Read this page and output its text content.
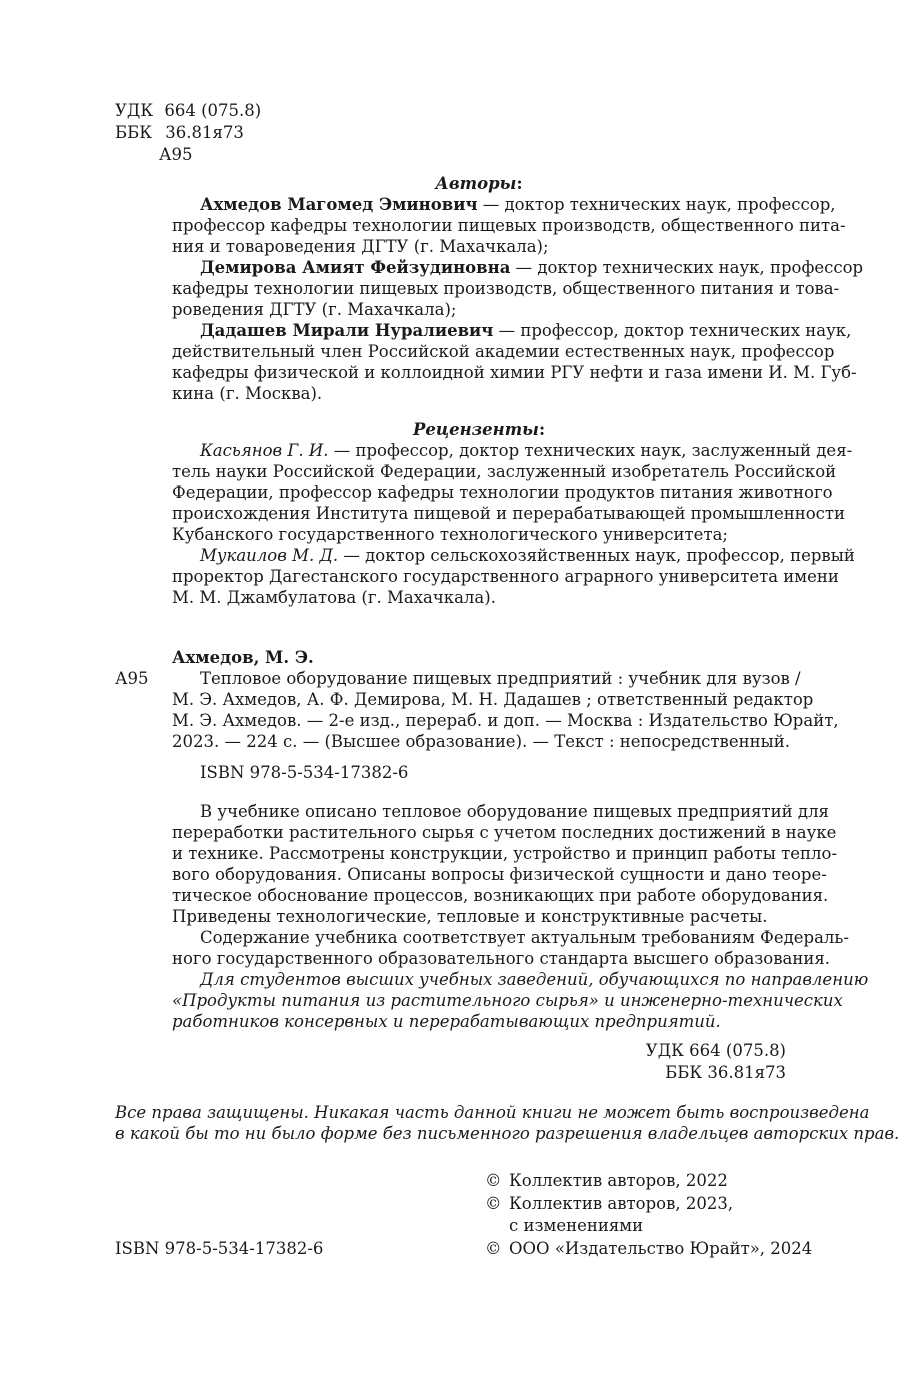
УДК 664 (075.8)
ББК 36.81я73
А95
Авторы:
Ахмедов Магомед Эминович — доктор технических наук, профессор,
профессор кафедры технологии пищевых производств, общественного пита-
ния и товароведения ДГТУ (г. Махачкала);
Демирова Амият Фейзудиновна — доктор технических наук, профессор
кафедры технологии пищевых производств, общественного питания и това-
роведения ДГТУ (г. Махачкала);
Дадашев Мирали Нуралиевич — профессор, доктор технических наук,
действительный член Российской академии естественных наук, профессор
кафедры физической и коллоидной химии РГУ нефти и газа имени И. М. Губ-
кина (г. Москва).
Рецензенты:
Касьянов Г. И. — профессор, доктор технических наук, заслуженный дея-
тель науки Российской Федерации, заслуженный изобретатель Российской
Федерации, профессор кафедры технологии продуктов питания животного
происхождения Института пищевой и перерабатывающей промышленности
Кубанского государственного технологического университета;
Мукаилов М. Д. — доктор сельскохозяйственных наук, профессор, первый
проректор Дагестанского государственного аграрного университета имени
М. М. Джамбулатова (г. Махачкала).
Ахмедов, М. Э.
А95	Тепловое оборудование пищевых предприятий : учебник для вузов /
М. Э. Ахмедов, А. Ф. Демирова, М. Н. Дадашев ; ответственный редактор
М. Э. Ахмедов. — 2-е изд., перераб. и доп. — Москва : Издательство Юрайт,
2023. — 224 с. — (Высшее образование). — Текст : непосредственный.
ISBN 978-5-534-17382-6
В учебнике описано тепловое оборудование пищевых предприятий для
переработки растительного сырья с учетом последних достижений в науке
и технике. Рассмотрены конструкции, устройство и принцип работы тепло-
вого оборудования. Описаны вопросы физической сущности и дано теоре-
тическое обоснование процессов, возникающих при работе оборудования.
Приведены технологические, тепловые и конструктивные расчеты.
Содержание учебника соответствует актуальным требованиям Федераль-
ного государственного образовательного стандарта высшего образования.
Для студентов высших учебных заведений, обучающихся по направлению
«Продукты питания из растительного сырья» и инженерно-технических
работников консервных и перерабатывающих предприятий.
УДК 664 (075.8)
ББК 36.81я73
Все права защищены. Никакая часть данной книги не может быть воспроизведена
в какой бы то ни было форме без письменного разрешения владельцев авторских прав.
© Коллектив авторов, 2022
© Коллектив авторов, 2023,
с изменениями
© ООО «Издательство Юрайт», 2024
ISBN 978-5-534-17382-6
